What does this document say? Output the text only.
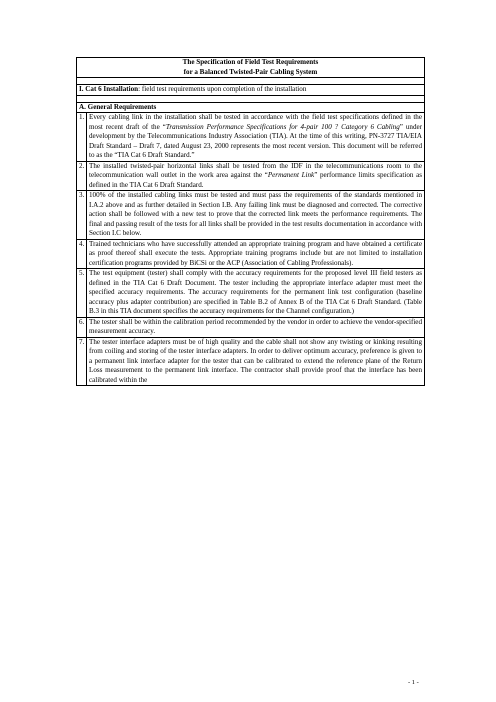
The Specification of Field Test Requirements
for a Balanced Twisted-Pair Cabling System	

I. Cat 6 Installation: field test requirements upon completion of the installation	

A. General Requirements	
1.	Every cabling link in the installation shall be tested in accordance with the field test specifications defined in the most recent draft of the “Transmission Performance Specifications for 4-pair 100 ? Category 6 Cabling” under development by the Telecommunications Industry Association (TIA). At the time of this writing, PN-3727 TIA/EIA Draft Standard – Draft 7, dated August 23, 2000 represents the most recent version. This document will be referred to as the “TIA Cat 6 Draft Standard.”
2.	The installed twisted-pair horizontal links shall be tested from the IDF in the telecommunications room to the telecommunication wall outlet in the work area against the “Permanent Link” performance limits specification as defined in the TIA Cat 6 Draft Standard.
3.	100% of the installed cabling links must be tested and must pass the requirements of the standards mentioned in I.A.2 above and as further detailed in Section I.B. Any failing link must be diagnosed and corrected. The corrective action shall be followed with a new test to prove that the corrected link meets the performance requirements. The final and passing result of the tests for all links shall be provided in the test results documentation in accordance with Section I.C below.
4.	Trained technicians who have successfully attended an appropriate training program and have obtained a certificate as proof thereof shall execute the tests. Appropriate training programs include but are not limited to installation certification programs provided by BiCSi or the ACP (Association of Cabling Professionals).
5.	The test equipment (tester) shall comply with the accuracy requirements for the proposed level III field testers as defined in the TIA Cat 6 Draft Document. The tester including the appropriate interface adapter must meet the specified accuracy requirements. The accuracy requirements for the permanent link test configuration (baseline accuracy plus adapter contribution) are specified in Table B.2 of Annex B of the TIA Cat 6 Draft Standard. (Table B.3 in this TIA document specifies the accuracy requirements for the Channel configuration.)
6.	The tester shall be within the calibration period recommended by the vendor in order to achieve the vendor-specified measurement accuracy.
7.	The tester interface adapters must be of high quality and the cable shall not show any twisting or kinking resulting from coiling and storing of the tester interface adapters. In order to deliver optimum accuracy, preference is given to a permanent link interface adapter for the tester that can be calibrated to extend the reference plane of the Return Loss measurement to the permanent link interface. The contractor shall provide proof that the interface has been calibrated within the
- 1 -
